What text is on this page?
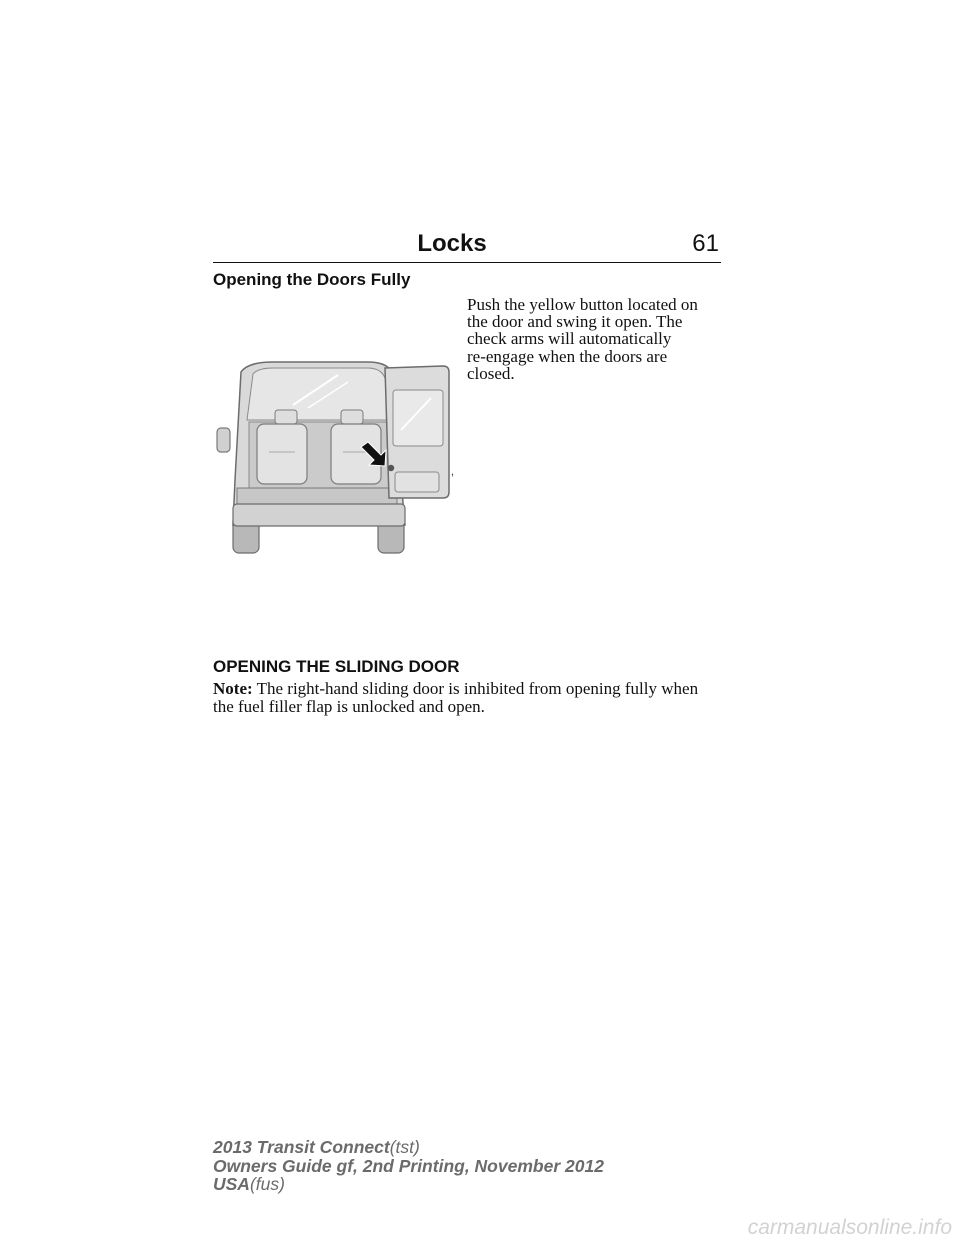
Locks	61
Opening the Doors Fully
Push the yellow button located on
the door and swing it open. The
check arms will automatically
re-engage when the doors are
closed.
,
OPENING THE SLIDING DOOR
Note: The right-hand sliding door is inhibited from opening fully when the fuel filler flap is unlocked and open.
2013 Transit Connect(tst)
Owners Guide gf, 2nd Printing, November 2012
USA(fus)
carmanualsonline.info
